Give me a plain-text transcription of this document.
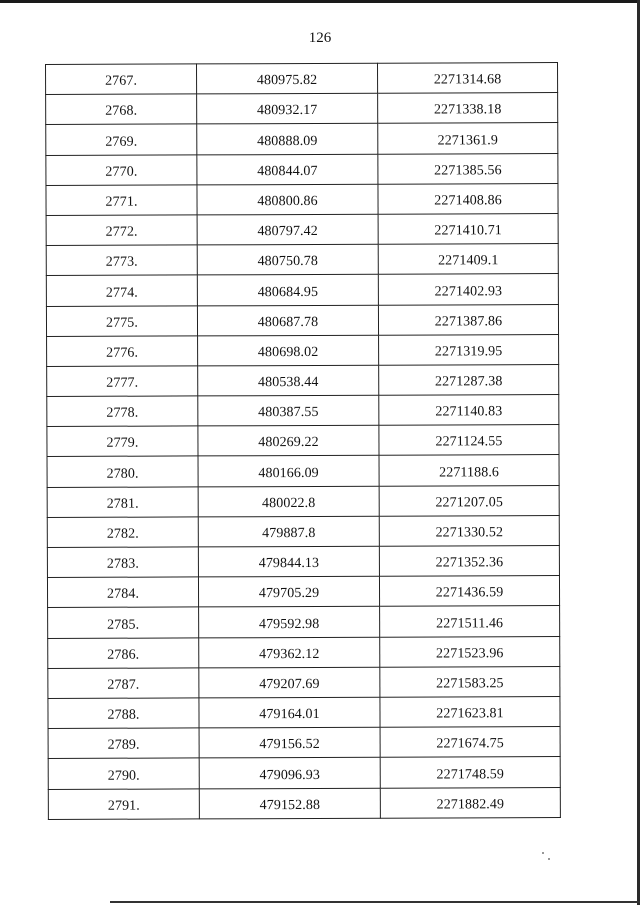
126
2767.	480975.82	2271314.68
2768.	480932.17	2271338.18
2769.	480888.09	2271361.9
2770.	480844.07	2271385.56
2771.	480800.86	2271408.86
2772.	480797.42	2271410.71
2773.	480750.78	2271409.1
2774.	480684.95	2271402.93
2775.	480687.78	2271387.86
2776.	480698.02	2271319.95
2777.	480538.44	2271287.38
2778.	480387.55	2271140.83
2779.	480269.22	2271124.55
2780.	480166.09	2271188.6
2781.	480022.8	2271207.05
2782.	479887.8	2271330.52
2783.	479844.13	2271352.36
2784.	479705.29	2271436.59
2785.	479592.98	2271511.46
2786.	479362.12	2271523.96
2787.	479207.69	2271583.25
2788.	479164.01	2271623.81
2789.	479156.52	2271674.75
2790.	479096.93	2271748.59
2791.	479152.88	2271882.49
